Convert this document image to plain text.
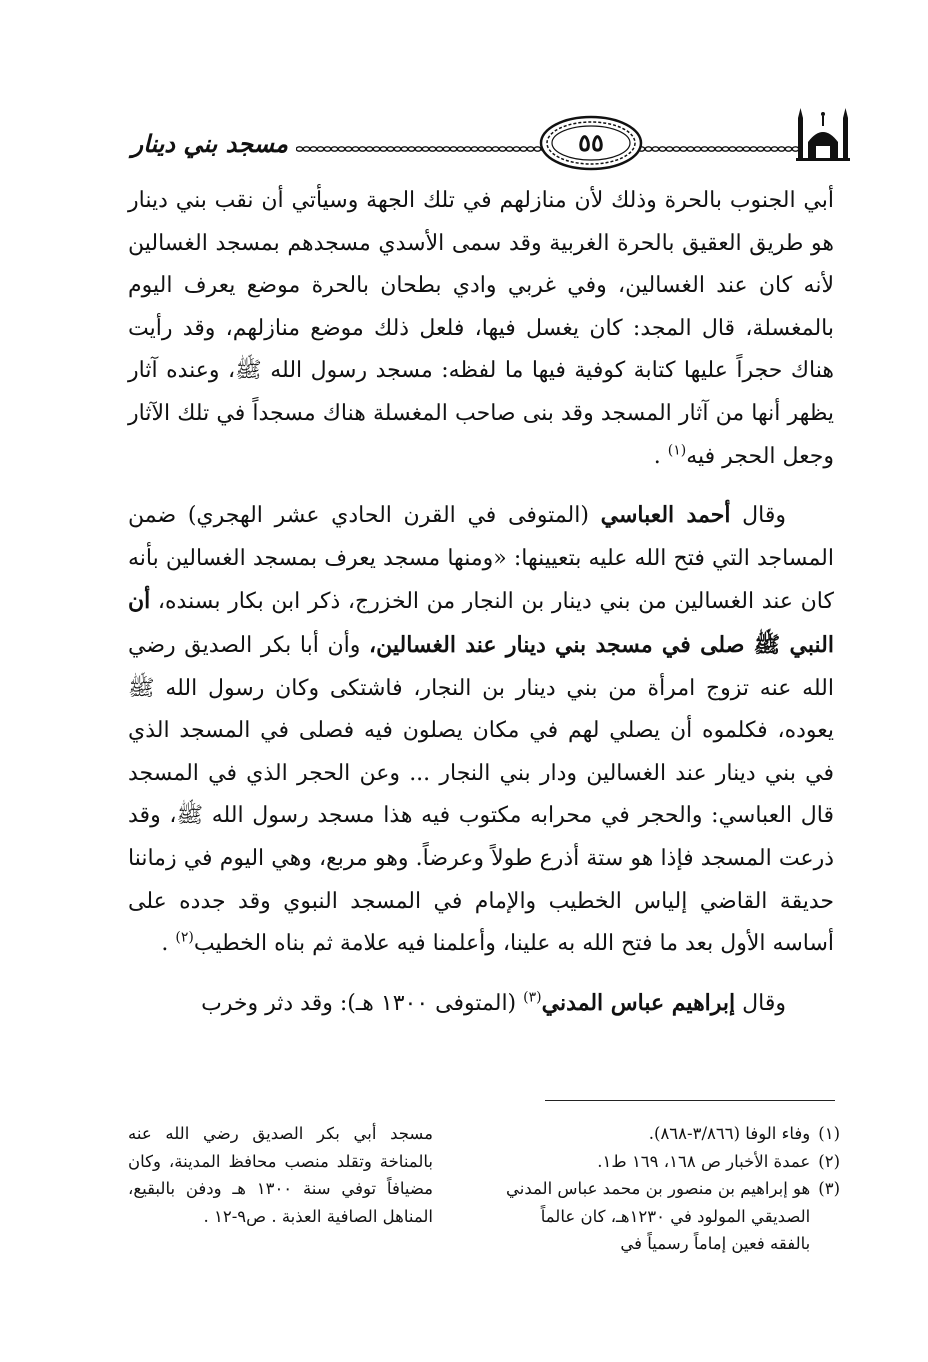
مسجد بني دينار	٥٥

أبي الجنوب بالحرة وذلك لأن منازلهم في تلك الجهة وسيأتي أن نقب بني دينار هو طريق العقيق بالحرة الغربية وقد سمى الأسدي مسجدهم بمسجد الغسالين لأنه كان عند الغسالين، وفي غربي وادي بطحان بالحرة موضع يعرف اليوم بالمغسلة، قال المجد: كان يغسل فيها، فلعل ذلك موضع منازلهم، وقد رأيت هناك حجراً عليها كتابة كوفية فيها ما لفظه: مسجد رسول الله ﷺ، وعنده آثار يظهر أنها من آثار المسجد وقد بنى صاحب المغسلة هناك مسجداً في تلك الآثار وجعل الحجر فيه$^{(١)}$ .

وقال أحمد العباسي (المتوفى في القرن الحادي عشر الهجري) ضمن المساجد التي فتح الله عليه بتعيينها: «ومنها مسجد يعرف بمسجد الغسالين بأنه كان عند الغسالين من بني دينار بن النجار من الخزرج، ذكر ابن بكار بسنده، أن النبي ﷺ صلى في مسجد بني دينار عند الغسالين، وأن أبا بكر الصديق رضي الله عنه تزوج امرأة من بني دينار بن النجار، فاشتكى وكان رسول الله ﷺ يعوده، فكلموه أن يصلي لهم في مكان يصلون فيه فصلى في المسجد الذي في بني دينار عند الغسالين ودار بني النجار ... وعن الحجر الذي في المسجد قال العباسي: والحجر في محرابه مكتوب فيه هذا مسجد رسول الله ﷺ، وقد ذرعت المسجد فإذا هو ستة أذرع طولاً وعرضاً. وهو مربع، وهي اليوم في زماننا حديقة القاضي إلياس الخطيب والإمام في المسجد النبوي وقد جدده على أساسه الأول بعد ما فتح الله به علينا، وأعلمنا فيه علامة ثم بناه الخطيب$^{(٢)}$ .

وقال إبراهيم عباس المدني$^{(٣)}$ (المتوفى ١٣٠٠ هـ): وقد دثر وخرب

(١)
وفاء الوفا (٣/٨٦٦-٨٦٨).
(٢)
عمدة الأخبار ص ١٦٨، ١٦٩ ط١.
(٣)
هو إبراهيم بن منصور بن محمد عباس المدني الصديقي المولود في ١٢٣٠هـ، كان عالماً بالفقه فعين إماماً رسمياً في
مسجد أبي بكر الصديق رضي الله عنه بالمناخة وتقلد منصب محافظ المدينة، وكان مضيافاً توفي سنة ١٣٠٠ هـ ودفن بالبقيع، المناهل الصافية العذبة . ص٩-١٢ .
